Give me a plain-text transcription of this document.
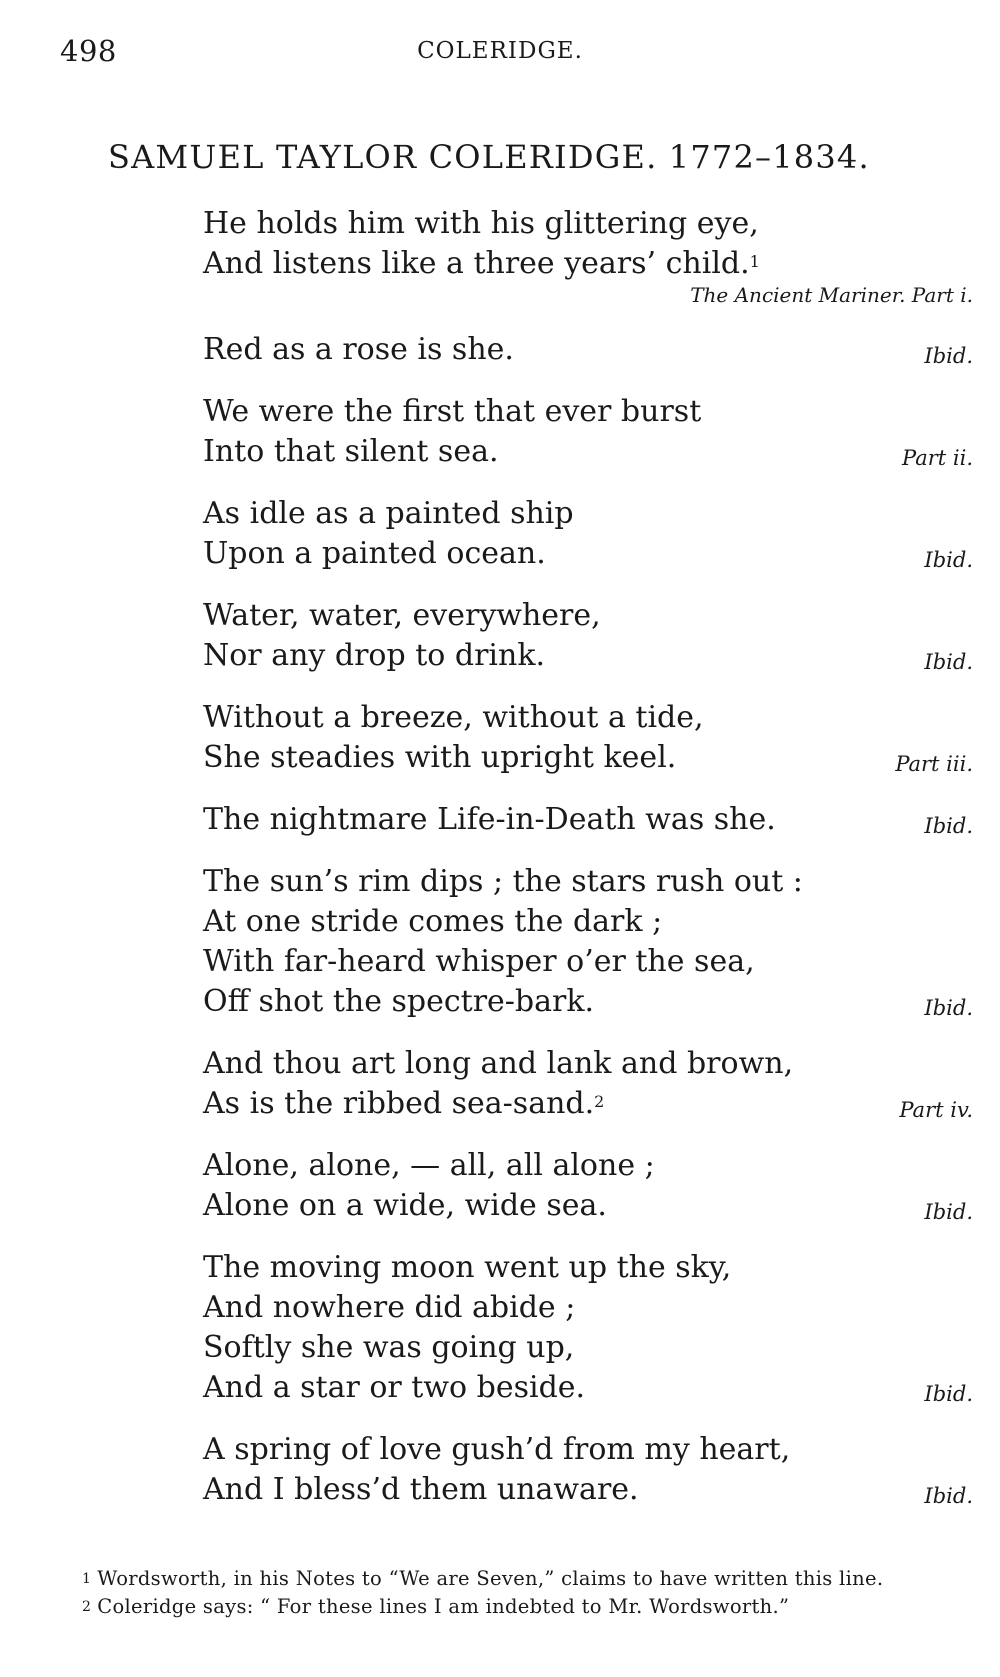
498	COLERIDGE.
SAMUEL TAYLOR COLERIDGE. 1772–1834.
He holds him with his glittering eye,
And listens like a three years’ child.$^1$
The Ancient Mariner. Part i.
Red as a rose is she.	Ibid.
We were the first that ever burst
Into that silent sea.	Part ii.
As idle as a painted ship
Upon a painted ocean.	Ibid.
Water, water, everywhere,
Nor any drop to drink.	Ibid.
Without a breeze, without a tide,
She steadies with upright keel.	Part iii.
The nightmare Life-in-Death was she.	Ibid.
The sun’s rim dips ; the stars rush out :
At one stride comes the dark ;
With far-heard whisper o’er the sea,
Off shot the spectre-bark.	Ibid.
And thou art long and lank and brown,
As is the ribbed sea-sand.$^2$	Part iv.
Alone, alone, — all, all alone ;
Alone on a wide, wide sea.	Ibid.
The moving moon went up the sky,
And nowhere did abide ;
Softly she was going up,
And a star or two beside.	Ibid.
A spring of love gush’d from my heart,
And I bless’d them unaware.	Ibid.

$^1$ Wordsworth, in his Notes to “We are Seven,” claims to have written this line.

$^2$ Coleridge says: “ For these lines I am indebted to Mr. Wordsworth.”
